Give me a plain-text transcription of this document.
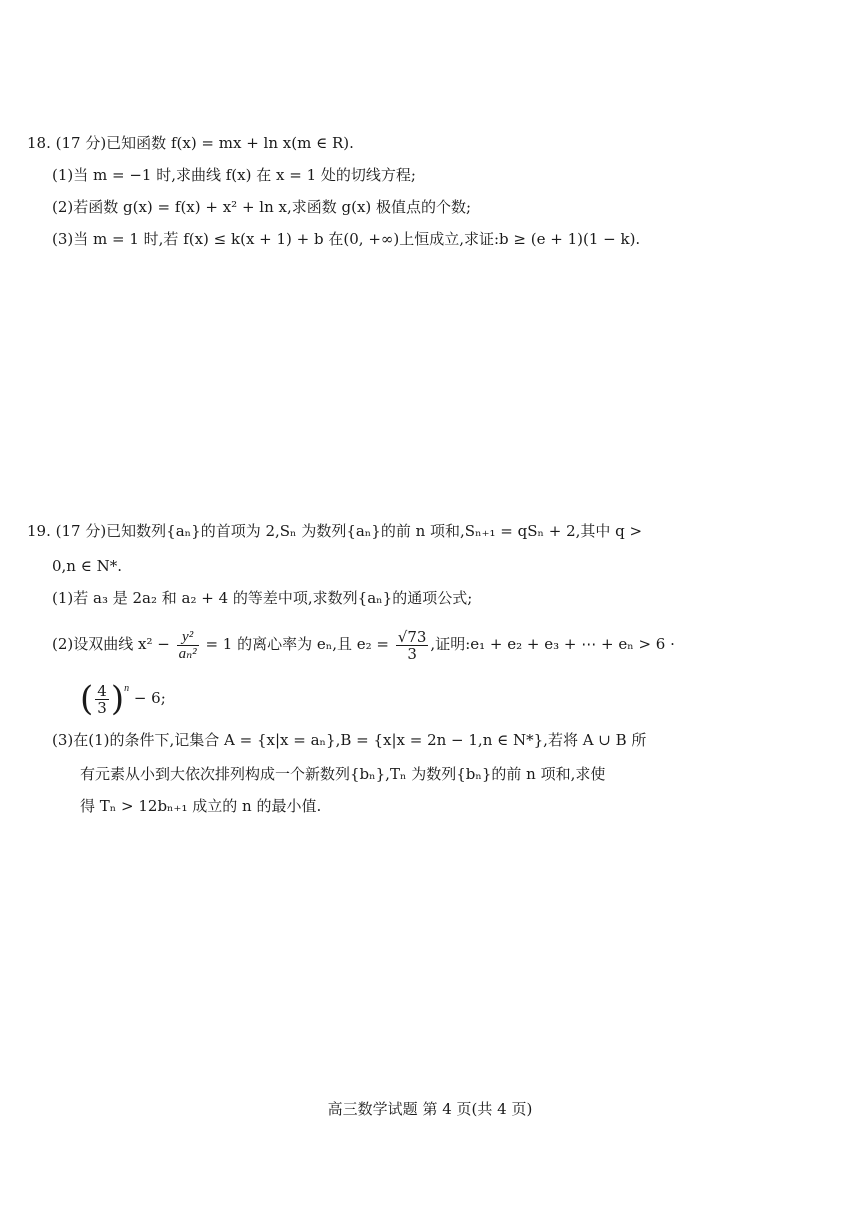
18. (17 分)已知函数 f(x) = mx + ln x(m ∈ R).
(1)当 m = −1 时,求曲线 f(x) 在 x = 1 处的切线方程;
(2)若函数 g(x) = f(x) + x² + ln x,求函数 g(x) 极值点的个数;
(3)当 m = 1 时,若 f(x) ≤ k(x + 1) + b 在(0, +∞)上恒成立,求证:b ≥ (e + 1)(1 − k).
19. (17 分)已知数列{aₙ}的首项为 2,Sₙ 为数列{aₙ}的前 n 项和,Sₙ₊₁ = qSₙ + 2,其中 q >
0,n ∈ N*.
(1)若 a₃ 是 2a₂ 和 a₂ + 4 的等差中项,求数列{aₙ}的通项公式;
(2)设双曲线 $x^2 - \frac{\text{y²}}{\text{aₙ²}} = 1$ 的离心率为 eₙ,且 $e_2 = \frac{√73}{3}$ ,证明:e₁ + e₂ + e₃ + ⋯ + eₙ > 6 ·
( $\frac{4}{3} )^n - 6$;
(3)在(1)的条件下,记集合 A = {x|x = aₙ},B = {x|x = 2n − 1,n ∈ N*},若将 A ∪ B 所
有元素从小到大依次排列构成一个新数列{bₙ},Tₙ 为数列{bₙ}的前 n 项和,求使
得 Tₙ > 12bₙ₊₁ 成立的 n 的最小值.
高三数学试题 第 4 页(共 4 页)
